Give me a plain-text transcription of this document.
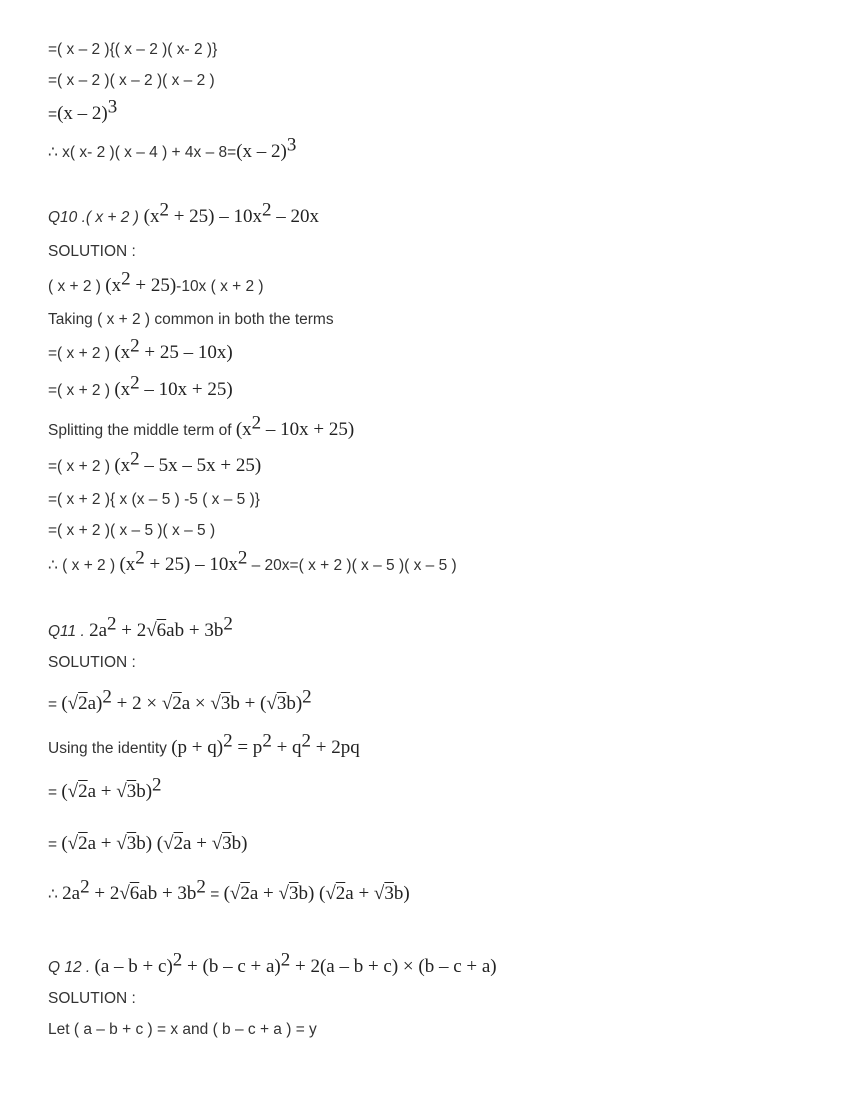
=( x – 2 ){( x – 2 )( x- 2 )}
=( x – 2 )( x – 2 )( x – 2 )
=(x – 2)$^3$
∴ x( x- 2 )( x – 4 ) + 4x – 8=(x – 2)$^3$
Q10 .( x + 2 ) $(x^2 + 25) - 10x^2 - 20x$
SOLUTION :
( x + 2 ) $(x^2 + 25)-10x$ ( x + 2 )
Taking ( x + 2 ) common in both the terms
=( x + 2 ) $(x^2 + 25 - 10x)$
=( x + 2 ) $(x^2 - 10x + 25)$
Splitting the middle term of $(x^2 - 10x + 25)$
=( x + 2 ) $(x^2 - 5x - 5x + 25)$
=( x + 2 ){ x (x – 5 ) -5 ( x – 5 )}
=( x + 2 )( x – 5 )( x – 5 )
∴ ( x + 2 ) $(x^2 + 25) - 10x^2 - 20x=$( x + 2 )( x – 5 )( x – 5 )
Q11 . $2a^2 + 2√6ab + 3b^2$
SOLUTION :
= $(√2a)^2 + 2 \times √2a \times √3b + (√3b)^2$
Using the identity $(p + q)^2 = p^2 + q^2 + 2pq$
= $(√2a + √3b)^2$
= (√2a + √3b) (√2a + √3b)
∴ $2a^2 + 2√6ab + 3b^2 = (√2a + √3b) (√2a + √3b)$
Q 12 . $(a - b + c)^2 + (b - c + a)^2 + 2(a - b + c) \times (b - c + a)$
SOLUTION :
Let ( a – b + c ) = x and ( b – c + a ) = y
